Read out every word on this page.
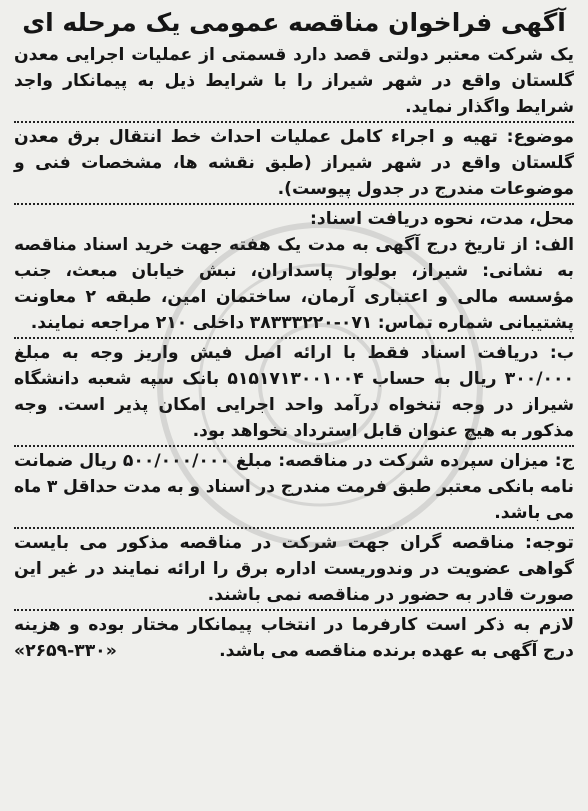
آگهی فراخوان مناقصه عمومی یک مرحله ای

یک شرکت معتبر دولتی قصد دارد قسمتی از عملیات اجرایی معدن گلستان واقع در شهر شیراز را با شرایط ذیل به پیمانکار واجد شرایط واگذار نماید.

موضوع: تهیه و اجراء کامل عملیات احداث خط انتقال برق معدن گلستان واقع در شهر شیراز (طبق نقشه ها، مشخصات فنی و موضوعات مندرج در جدول پیوست).

محل، مدت، نحوه دریافت اسناد:

الف: از تاریخ درج آگهی به مدت یک هفته جهت خرید اسناد مناقصه به نشانی: شیراز، بولوار پاسداران، نبش خیابان مبعث، جنب مؤسسه مالی و اعتباری آرمان، ساختمان امین، طبقه ۲ معاونت پشتیبانی شماره تماس: ۰۷۱-۳۸۳۳۳۲۲۰ داخلی ۲۱۰ مراجعه نمایند.

ب: دریافت اسناد فقط با ارائه اصل فیش واریز وجه به مبلغ ۳۰۰/۰۰۰ ریال به حساب ۵۱۵۱۷۱۳۰۰۱۰۰۴ بانک سپه شعبه دانشگاه شیراز در وجه تنخواه درآمد واحد اجرایی امکان پذیر است. وجه مذکور به هیچ عنوان قابل استرداد نخواهد بود.

ج: میزان سپرده شرکت در مناقصه: مبلغ ۵۰۰/۰۰۰/۰۰۰ ریال ضمانت نامه بانکی معتبر طبق فرمت مندرج در اسناد و به مدت حداقل ۳ ماه می باشد.

توجه: مناقصه گران جهت شرکت در مناقصه مذکور می بایست گواهی عضویت در وندوریست اداره برق را ارائه نمایند در غیر این صورت قادر به حضور در مناقصه نمی باشند.

لازم به ذکر است کارفرما در انتخاب پیمانکار مختار بوده و هزینه درج آگهی به عهده برنده مناقصه می باشد.

«۲۶۵۹-۳۳۰»
